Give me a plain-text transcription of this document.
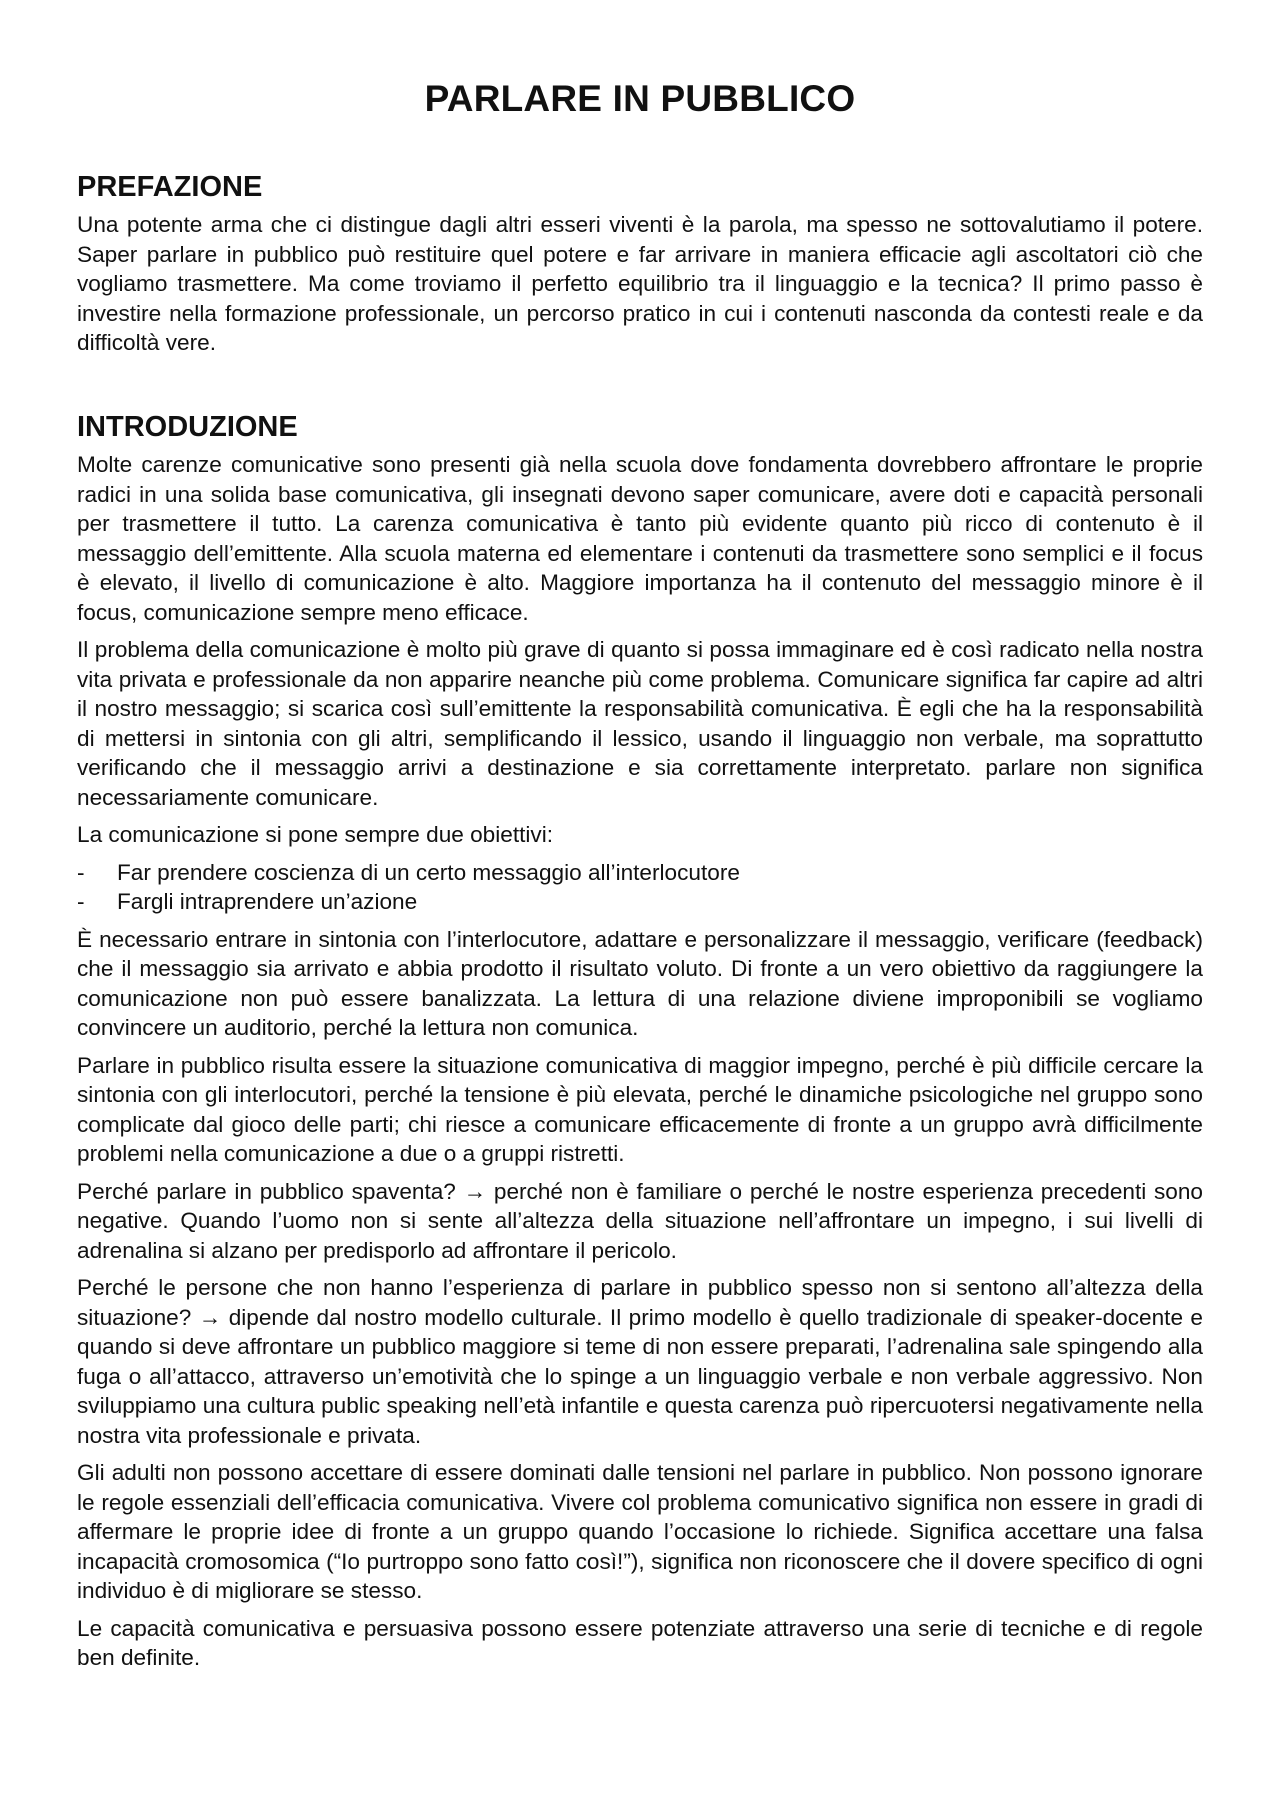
PARLARE IN PUBBLICO
PREFAZIONE

Una potente arma che ci distingue dagli altri esseri viventi è la parola, ma spesso ne sottovalutiamo il potere. Saper parlare in pubblico può restituire quel potere e far arrivare in maniera efficacie agli ascoltatori ciò che vogliamo trasmettere. Ma come troviamo il perfetto equilibrio tra il linguaggio e la tecnica? Il primo passo è investire nella formazione professionale, un percorso pratico in cui i contenuti nasconda da contesti reale e da difficoltà vere.

INTRODUZIONE

Molte carenze comunicative sono presenti già nella scuola dove fondamenta dovrebbero affrontare le proprie radici in una solida base comunicativa, gli insegnati devono saper comunicare, avere doti e capacità personali per trasmettere il tutto. La carenza comunicativa è tanto più evidente quanto più ricco di contenuto è il messaggio dell’emittente. Alla scuola materna ed elementare i contenuti da trasmettere sono semplici e il focus è elevato, il livello di comunicazione è alto. Maggiore importanza ha il contenuto del messaggio minore è il focus, comunicazione sempre meno efficace.

Il problema della comunicazione è molto più grave di quanto si possa immaginare ed è così radicato nella nostra vita privata e professionale da non apparire neanche più come problema. Comunicare significa far capire ad altri il nostro messaggio; si scarica così sull’emittente la responsabilità comunicativa. È egli che ha la responsabilità di mettersi in sintonia con gli altri, semplificando il lessico, usando il linguaggio non verbale, ma soprattutto verificando che il messaggio arrivi a destinazione e sia correttamente interpretato. parlare non significa necessariamente comunicare.

La comunicazione si pone sempre due obiettivi:

- Far prendere coscienza di un certo messaggio all’interlocutore
- Fargli intraprendere un’azione

È necessario entrare in sintonia con l’interlocutore, adattare e personalizzare il messaggio, verificare (feedback) che il messaggio sia arrivato e abbia prodotto il risultato voluto. Di fronte a un vero obiettivo da raggiungere la comunicazione non può essere banalizzata. La lettura di una relazione diviene improponibili se vogliamo convincere un auditorio, perché la lettura non comunica.

Parlare in pubblico risulta essere la situazione comunicativa di maggior impegno, perché è più difficile cercare la sintonia con gli interlocutori, perché la tensione è più elevata, perché le dinamiche psicologiche nel gruppo sono complicate dal gioco delle parti; chi riesce a comunicare efficacemente di fronte a un gruppo avrà difficilmente problemi nella comunicazione a due o a gruppi ristretti.

Perché parlare in pubblico spaventa? → perché non è familiare o perché le nostre esperienza precedenti sono negative. Quando l’uomo non si sente all’altezza della situazione nell’affrontare un impegno, i sui livelli di adrenalina si alzano per predisporlo ad affrontare il pericolo.

Perché le persone che non hanno l’esperienza di parlare in pubblico spesso non si sentono all’altezza della situazione? → dipende dal nostro modello culturale. Il primo modello è quello tradizionale di speaker-docente e quando si deve affrontare un pubblico maggiore si teme di non essere preparati, l’adrenalina sale spingendo alla fuga o all’attacco, attraverso un’emotività che lo spinge a un linguaggio verbale e non verbale aggressivo. Non sviluppiamo una cultura public speaking nell’età infantile e questa carenza può ripercuotersi negativamente nella nostra vita professionale e privata.

Gli adulti non possono accettare di essere dominati dalle tensioni nel parlare in pubblico. Non possono ignorare le regole essenziali dell’efficacia comunicativa. Vivere col problema comunicativo significa non essere in gradi di affermare le proprie idee di fronte a un gruppo quando l’occasione lo richiede. Significa accettare una falsa incapacità cromosomica (“Io purtroppo sono fatto così!”), significa non riconoscere che il dovere specifico di ogni individuo è di migliorare se stesso.

Le capacità comunicativa e persuasiva possono essere potenziate attraverso una serie di tecniche e di regole ben definite.
